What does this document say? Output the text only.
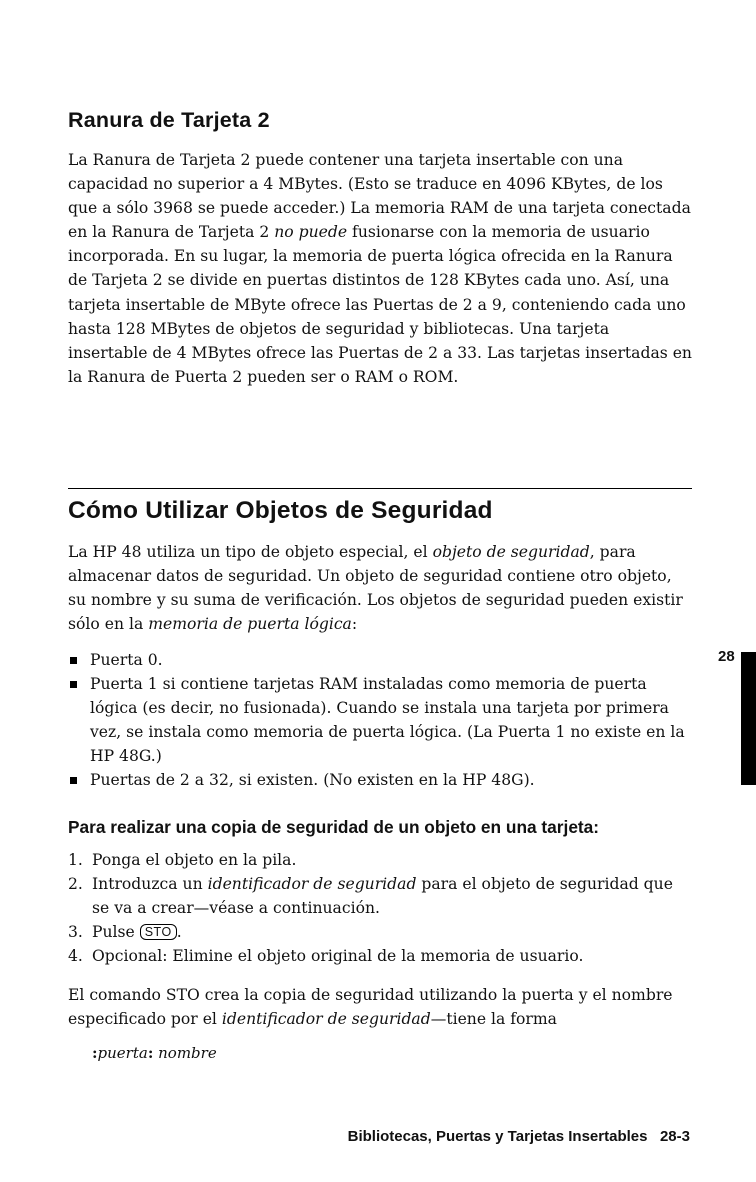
Ranura de Tarjeta 2

La Ranura de Tarjeta 2 puede contener una tarjeta insertable con una capacidad no superior a 4 MBytes. (Esto se traduce en 4096 KBytes, de los que a sólo 3968 se puede acceder.) La memoria RAM de una tarjeta conectada en la Ranura de Tarjeta 2 no puede fusionarse con la memoria de usuario incorporada. En su lugar, la memoria de puerta lógica ofrecida en la Ranura de Tarjeta 2 se divide en puertas distintos de 128 KBytes cada uno. Así, una tarjeta insertable de MByte ofrece las Puertas de 2 a 9, conteniendo cada uno hasta 128 MBytes de objetos de seguridad y bibliotecas. Una tarjeta insertable de 4 MBytes ofrece las Puertas de 2 a 33. Las tarjetas insertadas en la Ranura de Puerta 2 pueden ser o RAM o ROM.

Cómo Utilizar Objetos de Seguridad

La HP 48 utiliza un tipo de objeto especial, el objeto de seguridad, para almacenar datos de seguridad. Un objeto de seguridad contiene otro objeto, su nombre y su suma de verificación. Los objetos de seguridad pueden existir sólo en la memoria de puerta lógica:

Puerta 0.
Puerta 1 si contiene tarjetas RAM instaladas como memoria de puerta lógica (es decir, no fusionada). Cuando se instala una tarjeta por primera vez, se instala como memoria de puerta lógica. (La Puerta 1 no existe en la HP 48G.)
Puertas de 2 a 32, si existen. (No existen en la HP 48G).
Para realizar una copia de seguridad de un objeto en una tarjeta:
1. Ponga el objeto en la pila.
2. Introduzca un identificador de seguridad para el objeto de seguridad que se va a crear—véase a continuación.
3. Pulse STO .
4. Opcional: Elimine el objeto original de la memoria de usuario.

El comando STO crea la copia de seguridad utilizando la puerta y el nombre especificado por el identificador de seguridad—tiene la forma

:puerta: nombre
Bibliotecas, Puertas y Tarjetas Insertables   28-3
28
